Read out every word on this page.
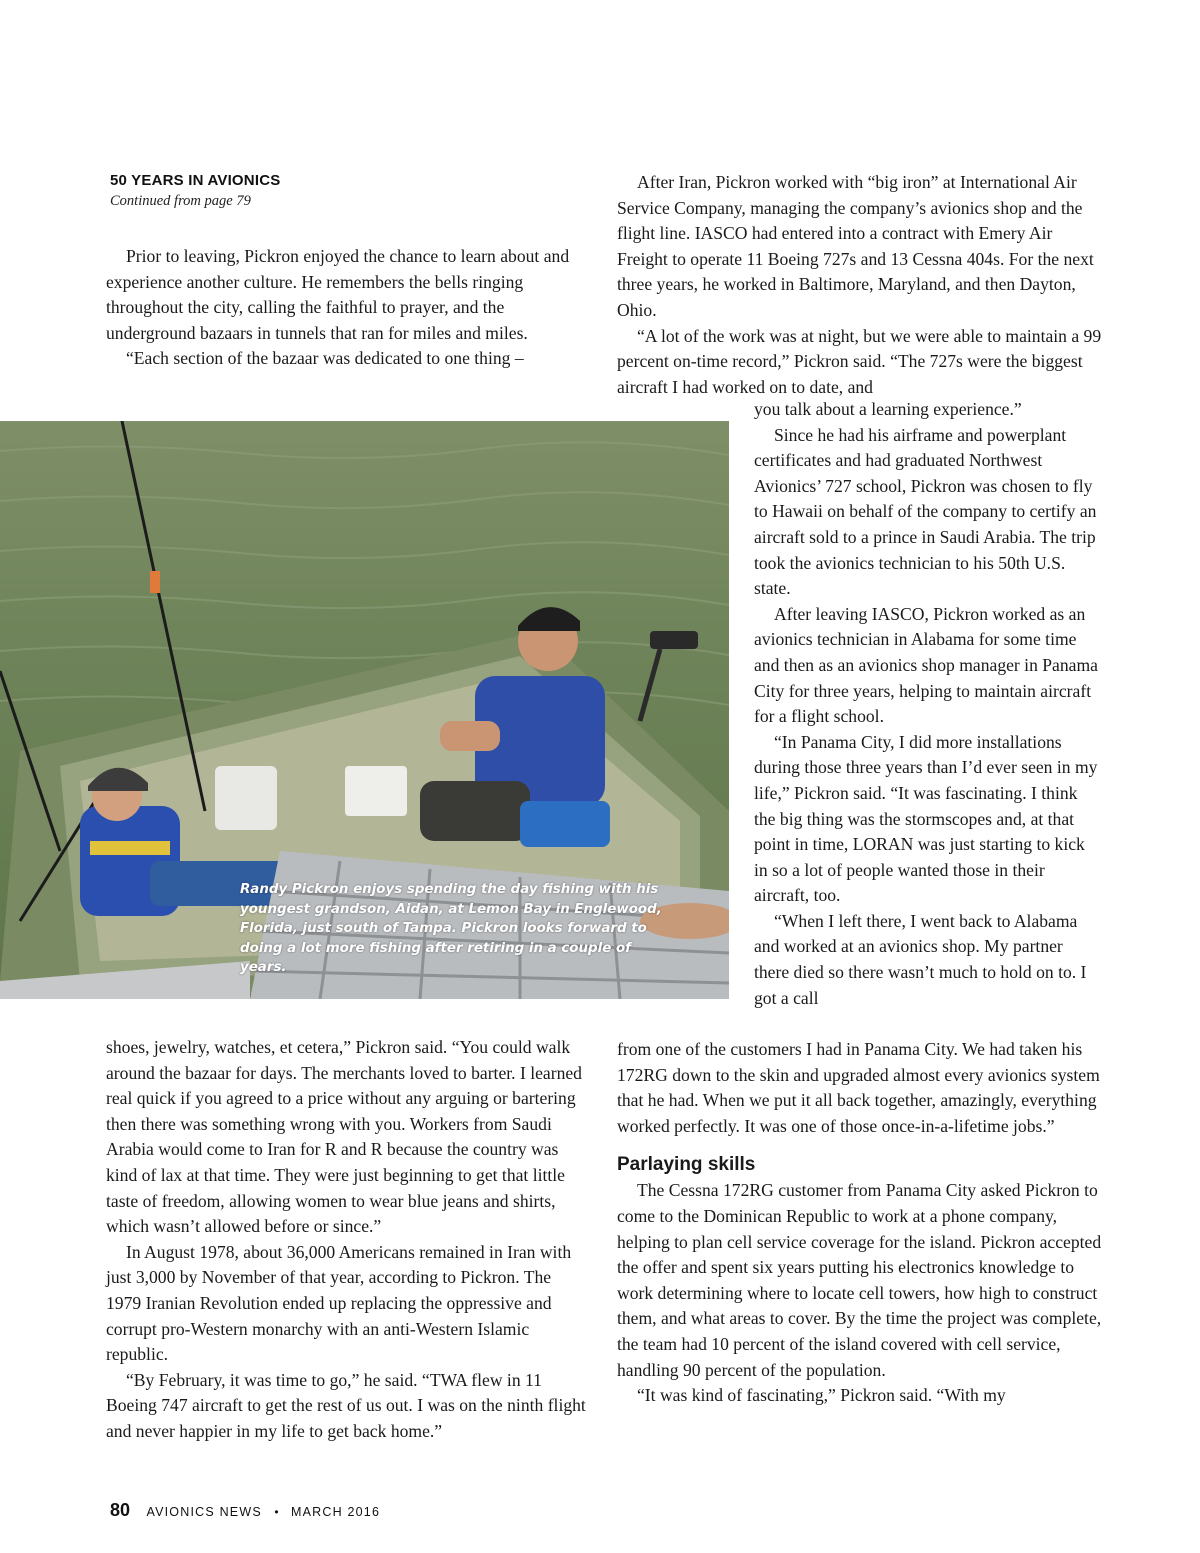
50 YEARS IN AVIONICS
Continued from page 79

Prior to leaving, Pickron enjoyed the chance to learn about and experience another culture. He remembers the bells ringing throughout the city, calling the faithful to prayer, and the underground bazaars in tunnels that ran for miles and miles.

“Each section of the bazaar was dedicated to one thing –

Randy Pickron enjoys spending the day fishing with his youngest grandson, Aidan, at Lemon Bay in Englewood, Florida, just south of Tampa. Pickron looks forward to doing a lot more fishing after retiring in a couple of years.

shoes, jewelry, watches, et cetera,” Pickron said. “You could walk around the bazaar for days. The merchants loved to barter. I learned real quick if you agreed to a price without any arguing or bartering then there was something wrong with you. Workers from Saudi Arabia would come to Iran for R and R because the country was kind of lax at that time. They were just beginning to get that little taste of freedom, allowing women to wear blue jeans and shirts, which wasn’t allowed before or since.”

In August 1978, about 36,000 Americans remained in Iran with just 3,000 by November of that year, according to Pickron. The 1979 Iranian Revolution ended up replacing the oppressive and corrupt pro-Western monarchy with an anti-Western Islamic republic.

“By February, it was time to go,” he said. “TWA flew in 11 Boeing 747 aircraft to get the rest of us out. I was on the ninth flight and never happier in my life to get back home.”

After Iran, Pickron worked with “big iron” at International Air Service Company, managing the company’s avionics shop and the flight line. IASCO had entered into a contract with Emery Air Freight to operate 11 Boeing 727s and 13 Cessna 404s. For the next three years, he worked in Baltimore, Maryland, and then Dayton, Ohio.

“A lot of the work was at night, but we were able to maintain a 99 percent on-time record,” Pickron said. “The 727s were the biggest aircraft I had worked on to date, and

you talk about a learning experience.”

Since he had his airframe and powerplant certificates and had graduated Northwest Avionics’ 727 school, Pickron was chosen to fly to Hawaii on behalf of the company to certify an aircraft sold to a prince in Saudi Arabia. The trip took the avionics technician to his 50th U.S. state.

After leaving IASCO, Pickron worked as an avionics technician in Alabama for some time and then as an avionics shop manager in Panama City for three years, helping to maintain aircraft for a flight school.

“In Panama City, I did more installations during those three years than I’d ever seen in my life,” Pickron said. “It was fascinating. I think the big thing was the stormscopes and, at that point in time, LORAN was just starting to kick in so a lot of people wanted those in their aircraft, too.

“When I left there, I went back to Alabama and worked at an avionics shop. My partner there died so there wasn’t much to hold on to. I got a call

from one of the customers I had in Panama City. We had taken his 172RG down to the skin and upgraded almost every avionics system that he had. When we put it all back together, amazingly, everything worked perfectly. It was one of those once-in-a-lifetime jobs.”

Parlaying skills

The Cessna 172RG customer from Panama City asked Pickron to come to the Dominican Republic to work at a phone company, helping to plan cell service coverage for the island. Pickron accepted the offer and spent six years putting his electronics knowledge to work determining where to locate cell towers, how high to construct them, and what areas to cover. By the time the project was complete, the team had 10 percent of the island covered with cell service, handling 90 percent of the population.

“It was kind of fascinating,” Pickron said. “With my

80 AVIONICS NEWS • MARCH 2016
